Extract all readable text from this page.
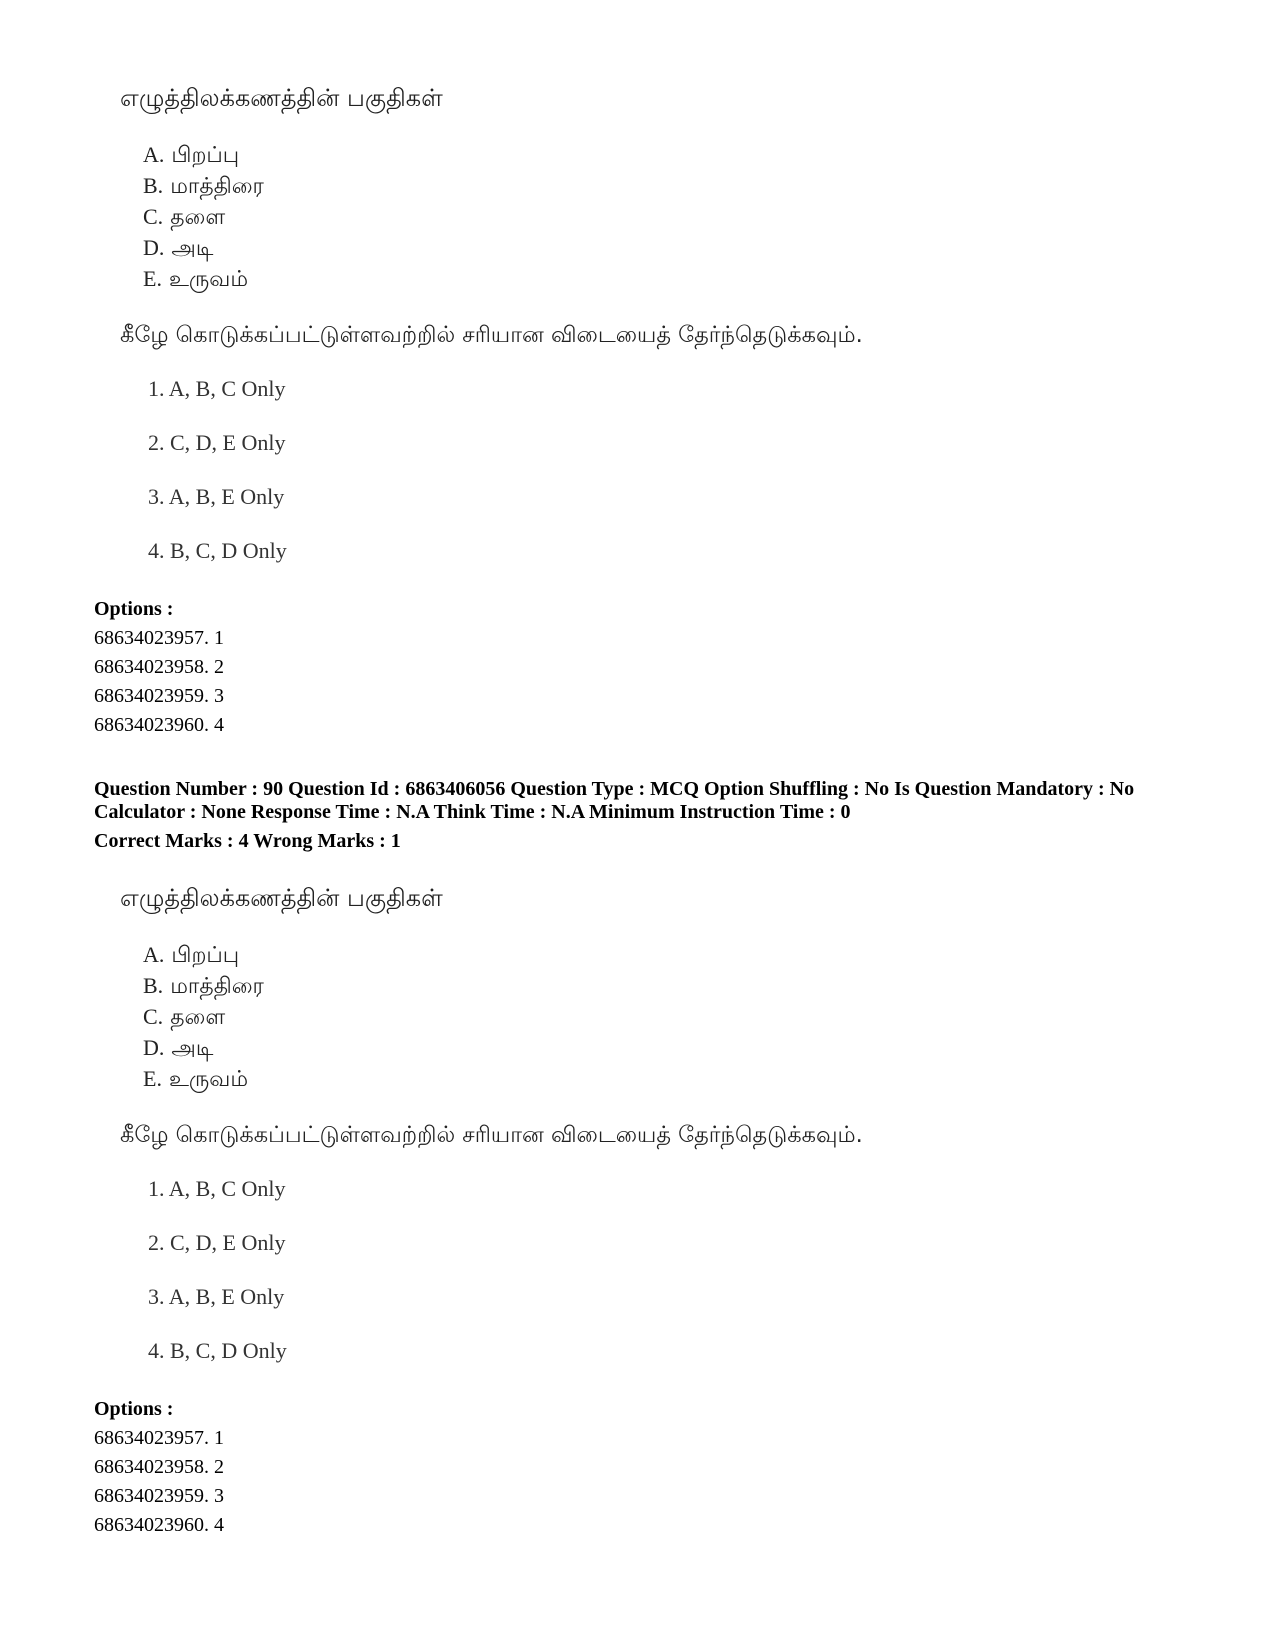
எழுத்திலக்கணத்தின் பகுதிகள்
A. பிறப்பு
B. மாத்திரை
C. தளை
D. அடி
E. உருவம்
கீழே கொடுக்கப்பட்டுள்ளவற்றில் சரியான விடையைத் தேர்ந்தெடுக்கவும்.
1. A, B, C Only
2. C, D, E Only
3. A, B, E Only
4. B, C, D Only
Options :
68634023957. 1
68634023958. 2
68634023959. 3
68634023960. 4
Question Number : 90 Question Id : 6863406056 Question Type : MCQ Option Shuffling : No Is Question Mandatory : No Calculator : None Response Time : N.A Think Time : N.A Minimum Instruction Time : 0
Correct Marks : 4 Wrong Marks : 1
எழுத்திலக்கணத்தின் பகுதிகள்
A. பிறப்பு
B. மாத்திரை
C. தளை
D. அடி
E. உருவம்
கீழே கொடுக்கப்பட்டுள்ளவற்றில் சரியான விடையைத் தேர்ந்தெடுக்கவும்.
1. A, B, C Only
2. C, D, E Only
3. A, B, E Only
4. B, C, D Only
Options :
68634023957. 1
68634023958. 2
68634023959. 3
68634023960. 4
